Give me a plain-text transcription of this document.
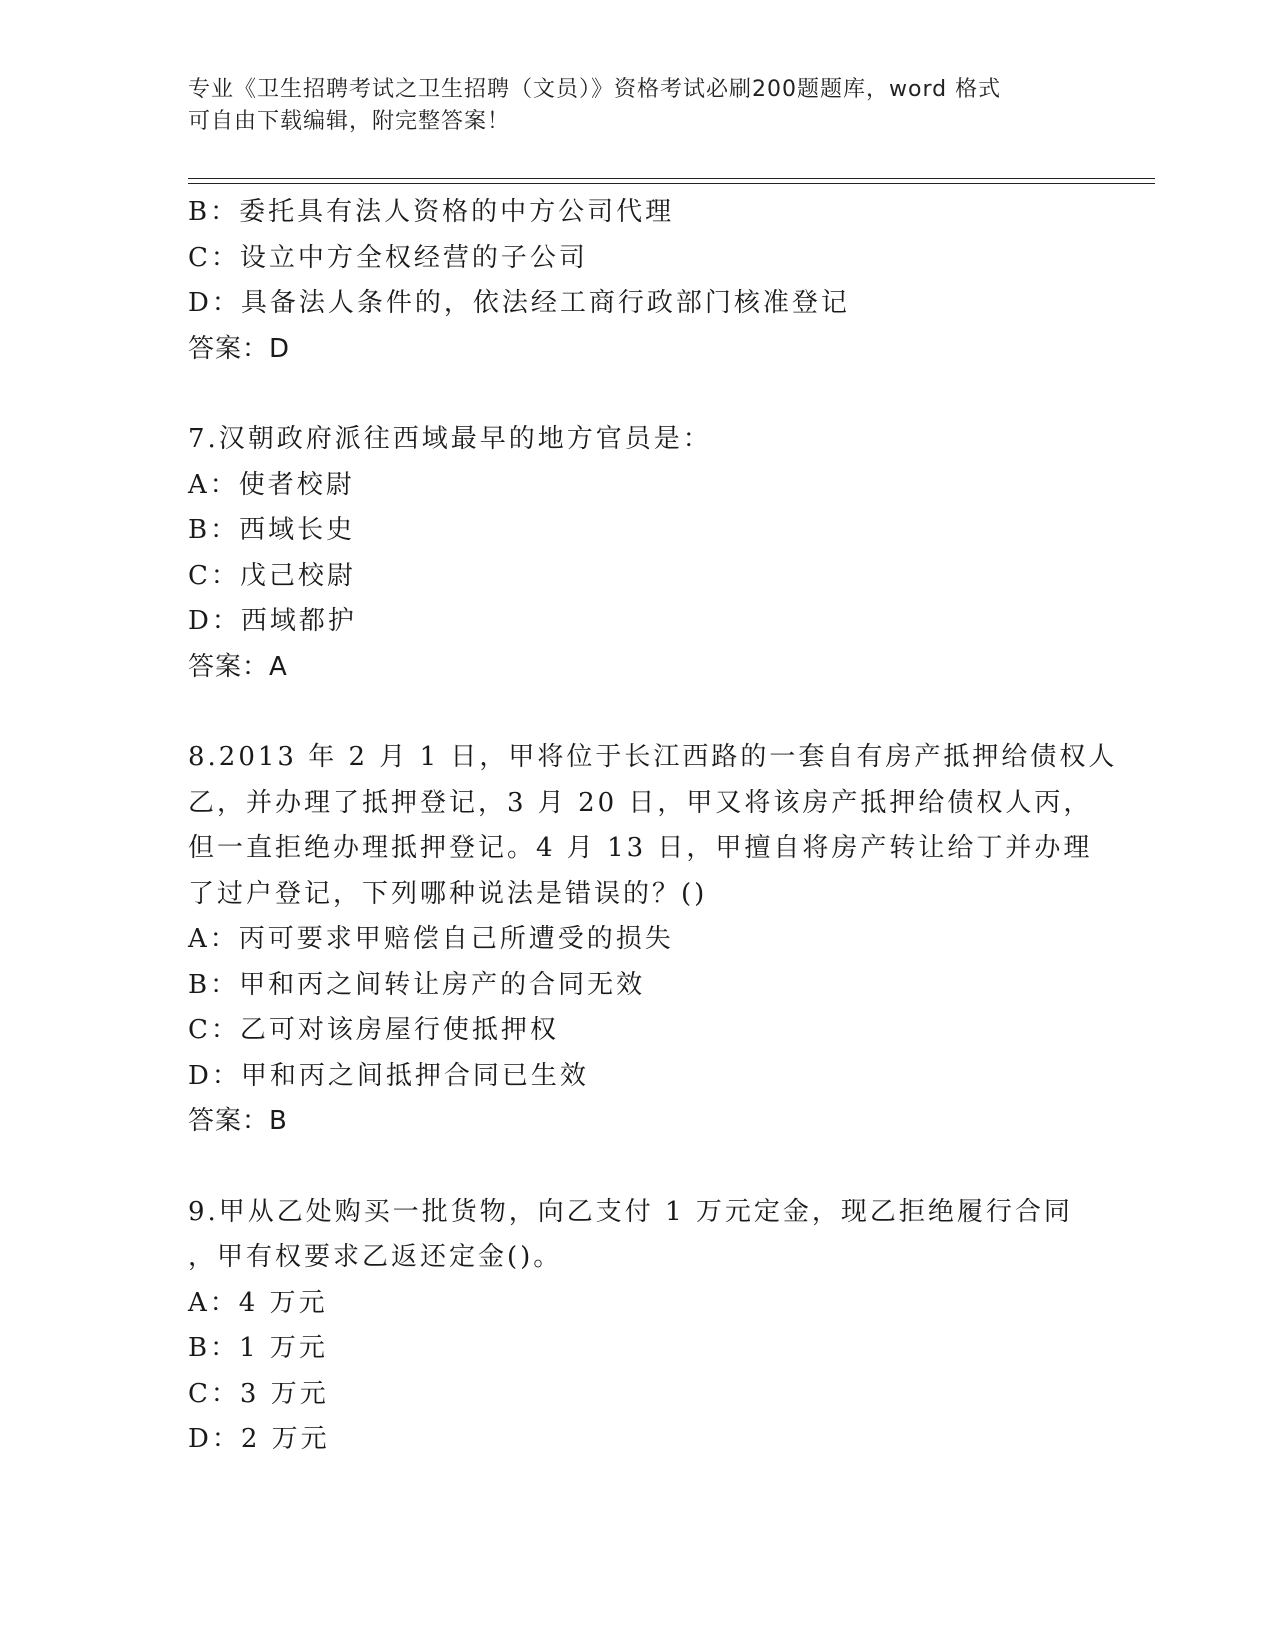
专业《卫生招聘考试之卫生招聘（文员）》资格考试必刷200题题库，word 格式
可自由下载编辑，附完整答案！
B：委托具有法人资格的中方公司代理
C：设立中方全权经营的子公司
D：具备法人条件的，依法经工商行政部门核准登记
答案：D
7.汉朝政府派往西域最早的地方官员是：
A：使者校尉
B：西域长史
C：戊己校尉
D：西域都护
答案：A
8.2013 年 2 月 1 日，甲将位于长江西路的一套自有房产抵押给债权人
乙，并办理了抵押登记，3 月 20 日，甲又将该房产抵押给债权人丙，
但一直拒绝办理抵押登记。4 月 13 日，甲擅自将房产转让给丁并办理
了过户登记，下列哪种说法是错误的？()
A：丙可要求甲赔偿自己所遭受的损失
B：甲和丙之间转让房产的合同无效
C：乙可对该房屋行使抵押权
D：甲和丙之间抵押合同已生效
答案：B
9.甲从乙处购买一批货物，向乙支付 1 万元定金，现乙拒绝履行合同
，甲有权要求乙返还定金()。
A：4 万元
B：1 万元
C：3 万元
D：2 万元
